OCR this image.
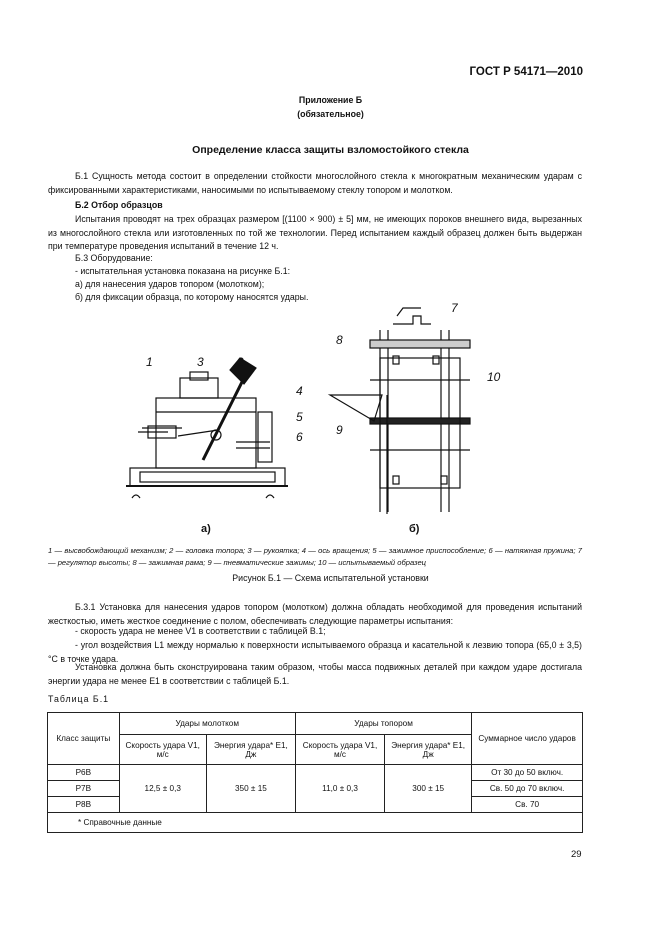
ГОСТ Р 54171—2010
Приложение Б
(обязательное)
Определение класса защиты взломостойкого стекла
Б.1 Сущность метода состоит в определении стойкости многослойного стекла к многократным механическим ударам с фиксированными характеристиками, наносимыми по испытываемому стеклу топором и молотком.
Б.2 Отбор образцов
Испытания проводят на трех образцах размером [(1100 × 900) ± 5] мм, не имеющих пороков внешнего вида, вырезанных из многослойного стекла или изготовленных по той же технологии. Перед испытанием каждый образец должен быть выдержан при температуре проведения испытаний в течение 12 ч.
Б.3 Оборудование:
- испытательная установка показана на рисунке Б.1:
а) для нанесения ударов топором (молотком);
б) для фиксации образца, по которому наносятся удары.
1	2
3
4
5
6
а)
7
8
9
10
б)
1 — высвобождающий механизм; 2 — головка топора; 3 — рукоятка; 4 — ось вращения; 5 — зажимное приспособление; 6 — натяжная пружина; 7 — регулятор высоты; 8 — зажимная рама; 9 — пневматические зажимы; 10 — испытываемый образец
Рисунок Б.1 — Схема испытательной установки
Б.3.1 Установка для нанесения ударов топором (молотком) должна обладать необходимой для проведения испытаний жесткостью, иметь жесткое соединение с полом, обеспечивать следующие параметры испытания:
- скорость удара не менее V1 в соответствии с таблицей В.1;
- угол воздействия L1 между нормалью к поверхности испытываемого образца и касательной к лезвию топора (65,0 ± 3,5) °С в точке удара.
Установка должна быть сконструирована таким образом, чтобы масса подвижных деталей при каждом ударе достигала энергии удара не менее E1 в соответствии с таблицей Б.1.
Таблица Б.1
Класс защиты	Удары молотком		Удары топором		Суммарное число ударов
	Скорость удара V1, м/с	Энергия удара* E1, Дж	Скорость удара V1, м/с	Энергия удара* E1, Дж	
Р6В	12,5 ± 0,3	350 ± 15	11,0 ± 0,3	300 ± 15	От 30 до 50 включ.
Р7В					Св. 50 до 70 включ.
Р8В					Св. 70
* Справочные данные					
29
